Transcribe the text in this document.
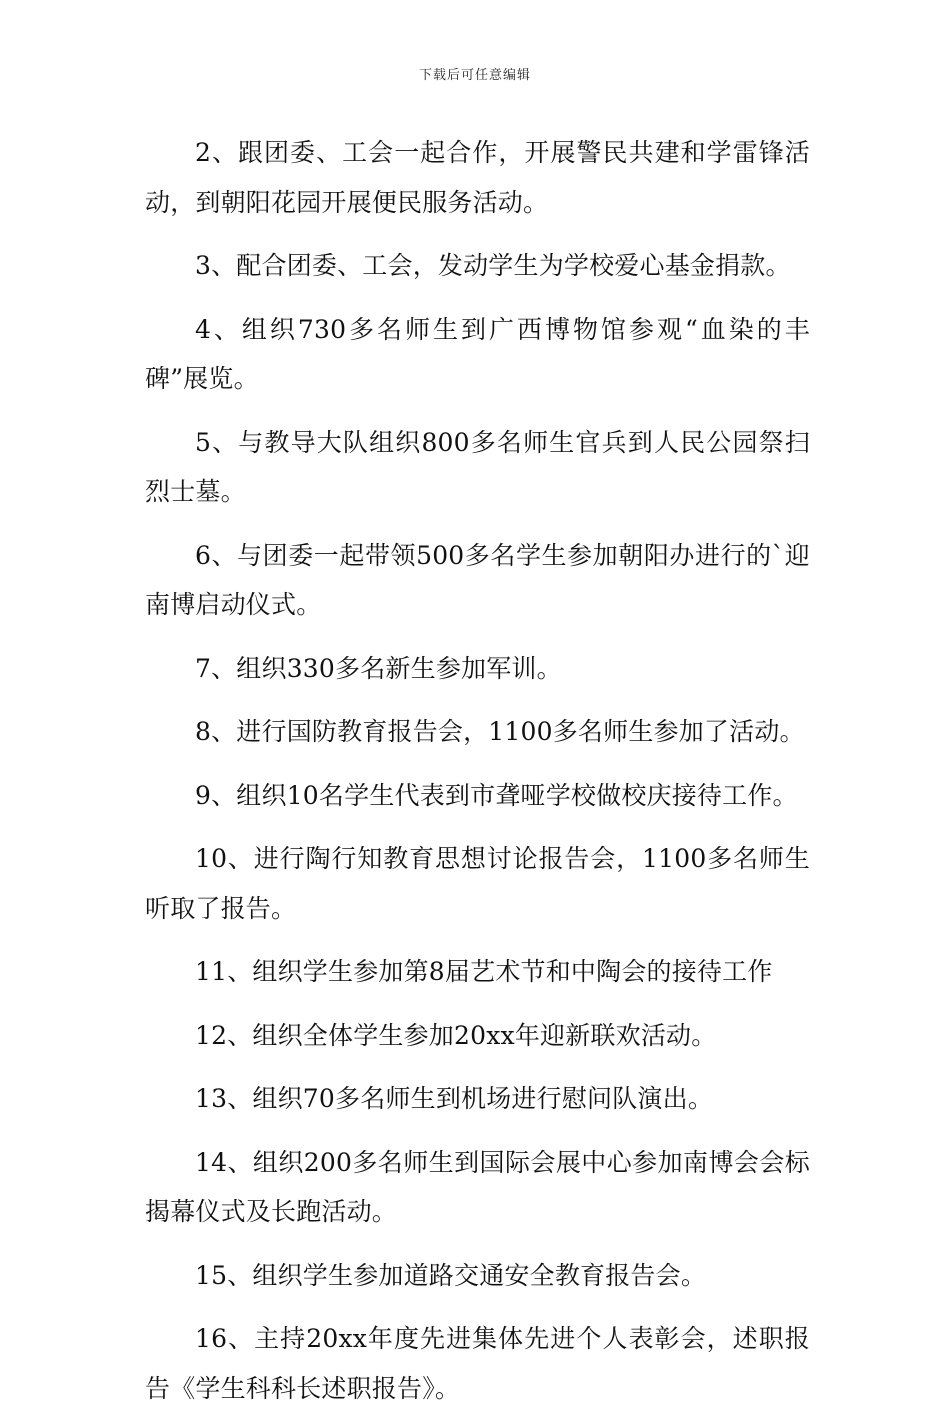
下载后可任意编辑

2、跟团委、工会一起合作，开展警民共建和学雷锋活动，到朝阳花园开展便民服务活动。

3、配合团委、工会，发动学生为学校爱心基金捐款。

4、组织730多名师生到广西博物馆参观“血染的丰碑”展览。

5、与教导大队组织800多名师生官兵到人民公园祭扫烈士墓。

6、与团委一起带领500多名学生参加朝阳办进行的`迎南博启动仪式。

7、组织330多名新生参加军训。

8、进行国防教育报告会，1100多名师生参加了活动。

9、组织10名学生代表到市聋哑学校做校庆接待工作。

10、进行陶行知教育思想讨论报告会，1100多名师生听取了报告。

11、组织学生参加第8届艺术节和中陶会的接待工作

12、组织全体学生参加20xx年迎新联欢活动。

13、组织70多名师生到机场进行慰问队演出。

14、组织200多名师生到国际会展中心参加南博会会标揭幕仪式及长跑活动。

15、组织学生参加道路交通安全教育报告会。

16、主持20xx年度先进集体先进个人表彰会，述职报告《学生科科长述职报告》。
